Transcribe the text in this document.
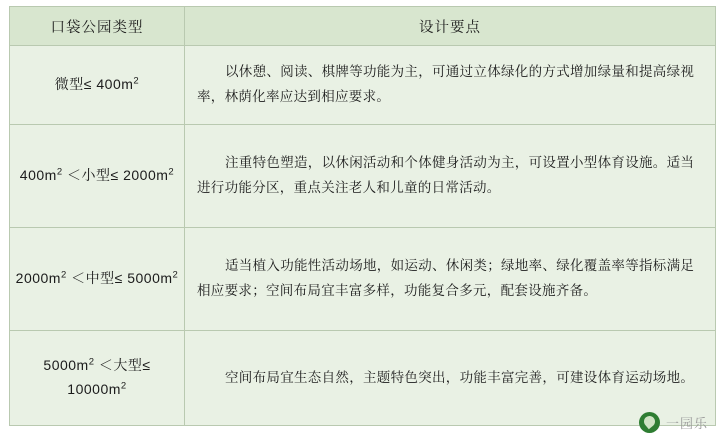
口袋公园类型	设计要点
微型≤ $400m^2$	以休憩、阅读、棋牌等功能为主，可通过立体绿化的方式增加绿量和提高绿视率，林荫化率应达到相应要求。
$400m^2$ ＜小型≤ $2000m^2$	注重特色塑造，以休闲活动和个体健身活动为主，可设置小型体育设施。适当进行功能分区，重点关注老人和儿童的日常活动。
$2000m^2$ ＜中型≤ $5000m^2$	适当植入功能性活动场地，如运动、休闲类；绿地率、绿化覆盖率等指标满足相应要求；空间布局宜丰富多样，功能复合多元，配套设施齐备。
$5000m^2$ ＜大型≤ $10000m^2$	空间布局宜生态自然，主题特色突出，功能丰富完善，可建设体育运动场地。
一园乐
